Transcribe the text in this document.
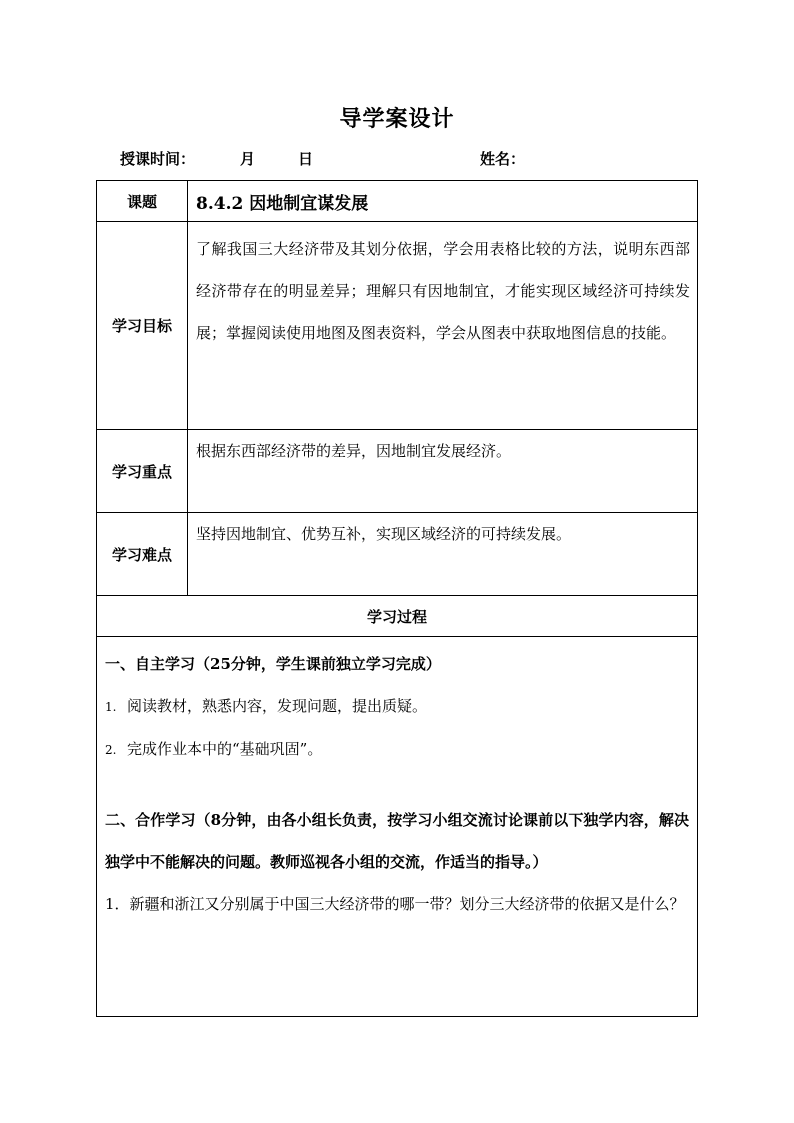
导学案设计
授课时间：	月	日	姓名：
课题	8.4.2 因地制宜谋发展
学习目标	了解我国三大经济带及其划分依据，学会用表格比较的方法，说明东西部经济带存在的明显差异；理解只有因地制宜，才能实现区域经济可持续发展；掌握阅读使用地图及图表资料，学会从图表中获取地图信息的技能。

学习重点	根据东西部经济带的差异，因地制宜发展经济。

学习难点	坚持因地制宜、优势互补，实现区域经济的可持续发展。

学习过程	

一、自主学习（25分钟，学生课前独立学习完成）
1. 阅读教材，熟悉内容，发现问题，提出质疑。
2. 完成作业本中的“基础巩固”。
二、合作学习（8分钟，由各小组长负责，按学习小组交流讨论课前以下独学内容，解决独学中不能解决的问题。教师巡视各小组的交流，作适当的指导。）
1．新疆和浙江又分别属于中国三大经济带的哪一带？划分三大经济带的依据又是什么？	
